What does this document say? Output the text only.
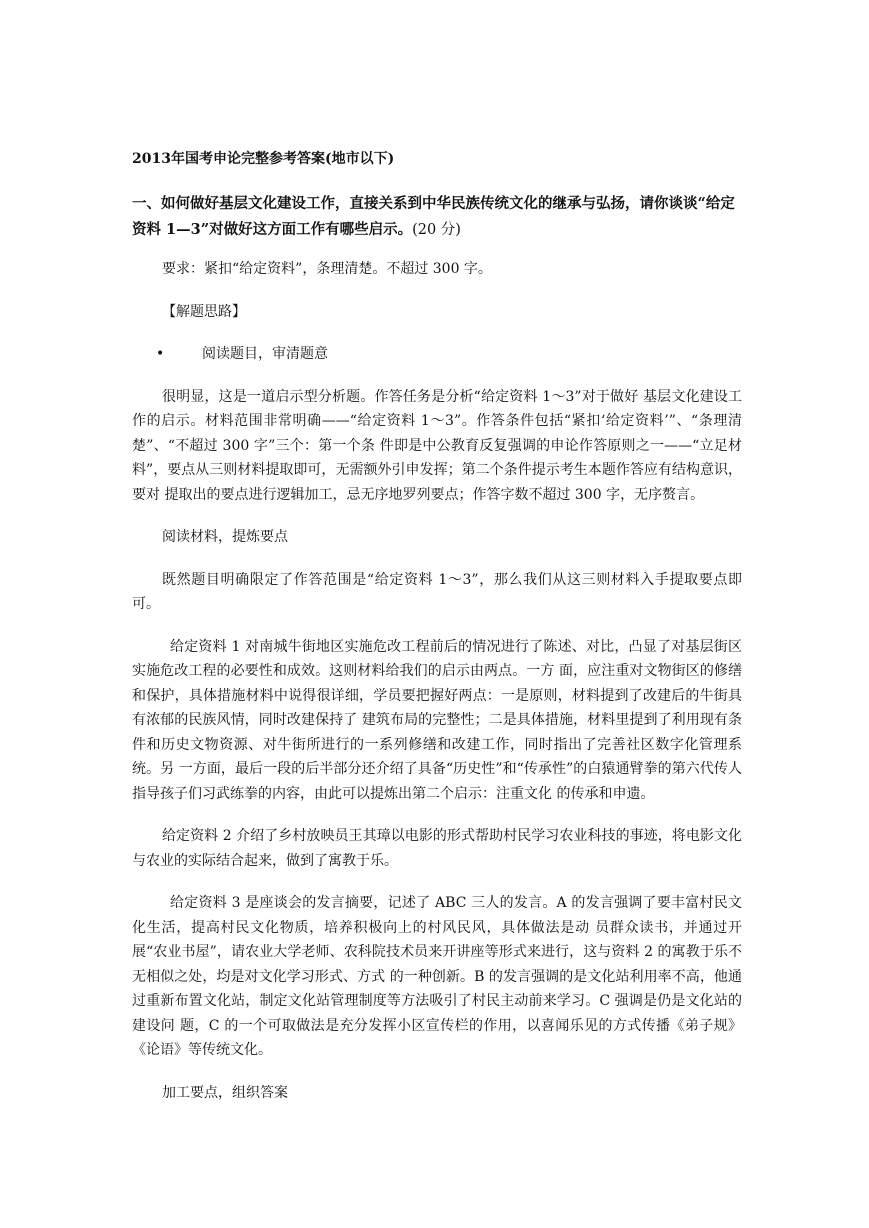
2013年国考申论完整参考答案(地市以下)
一、如何做好基层文化建设工作，直接关系到中华民族传统文化的继承与弘扬，请你谈谈“给定资料 1—3”对做好这方面工作有哪些启示。(20 分)
要求：紧扣“给定资料”，条理清楚。不超过 300 字。
【解题思路】
•	阅读题目，审清题意
很明显，这是一道启示型分析题。作答任务是分析“给定资料 1～3”对于做好 基层文化建设工作的启示。材料范围非常明确——“给定资料 1～3”。作答条件包括“紧扣‘给定资料’”、“条理清楚”、“不超过 300 字”三个：第一个条 件即是中公教育反复强调的申论作答原则之一——“立足材料”，要点从三则材料提取即可，无需额外引申发挥；第二个条件提示考生本题作答应有结构意识，要对 提取出的要点进行逻辑加工，忌无序地罗列要点；作答字数不超过 300 字，无序赘言。
阅读材料，提炼要点
既然题目明确限定了作答范围是“给定资料 1～3”，那么我们从这三则材料入手提取要点即可。
给定资料 1 对南城牛街地区实施危改工程前后的情况进行了陈述、对比，凸显了对基层街区实施危改工程的必要性和成效。这则材料给我们的启示由两点。一方 面，应注重对文物街区的修缮和保护，具体措施材料中说得很详细，学员要把握好两点：一是原则，材料提到了改建后的牛街具有浓郁的民族风情，同时改建保持了 建筑布局的完整性；二是具体措施，材料里提到了利用现有条件和历史文物资源、对牛街所进行的一系列修缮和改建工作，同时指出了完善社区数字化管理系统。另 一方面，最后一段的后半部分还介绍了具备“历史性”和“传承性”的白猿通臂拳的第六代传人指导孩子们习武练拳的内容，由此可以提炼出第二个启示：注重文化 的传承和申遗。
给定资料 2 介绍了乡村放映员王其璋以电影的形式帮助村民学习农业科技的事迹，将电影文化与农业的实际结合起来，做到了寓教于乐。
给定资料 3 是座谈会的发言摘要，记述了 ABC 三人的发言。A 的发言强调了要丰富村民文化生活，提高村民文化物质，培养积极向上的村风民风，具体做法是动 员群众读书，并通过开展“农业书屋”，请农业大学老师、农科院技术员来开讲座等形式来进行，这与资料 2 的寓教于乐不无相似之处，均是对文化学习形式、方式 的一种创新。B 的发言强调的是文化站利用率不高，他通过重新布置文化站，制定文化站管理制度等方法吸引了村民主动前来学习。C 强调是仍是文化站的建设问 题，C 的一个可取做法是充分发挥小区宣传栏的作用，以喜闻乐见的方式传播《弟子规》《论语》等传统文化。
加工要点，组织答案
